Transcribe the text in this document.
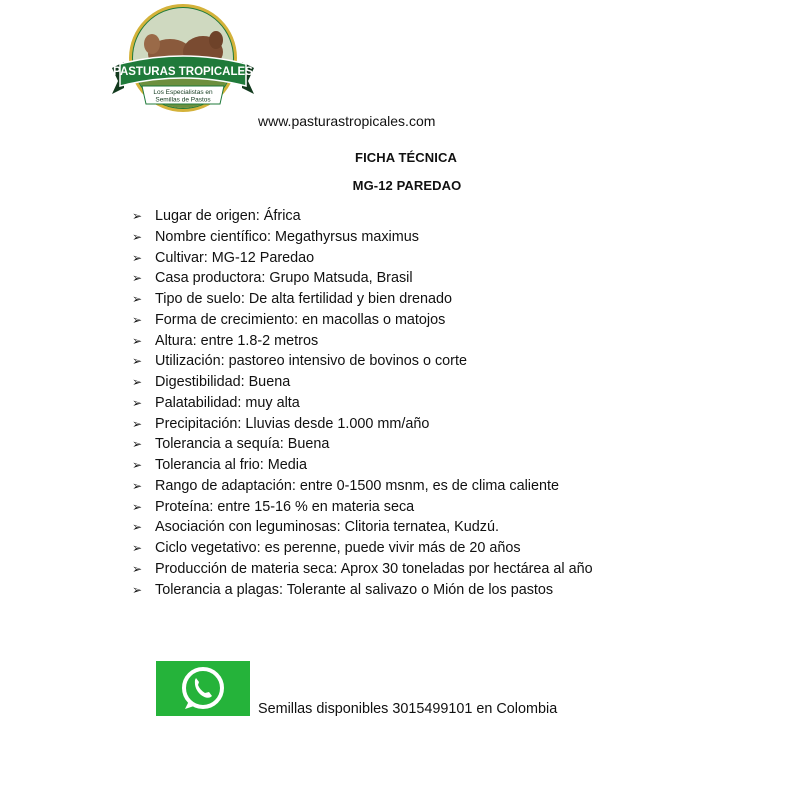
PASTURAS TROPICALES
Los Especialistas en
Semillas de Pastos
www.pasturastropicales.com
FICHA TÉCNICA
MG-12 PAREDAO
➢ Lugar de origen: África
➢ Nombre científico: Megathyrsus maximus
➢ Cultivar: MG-12 Paredao
➢ Casa productora: Grupo Matsuda, Brasil
➢ Tipo de suelo: De alta fertilidad y bien drenado
➢ Forma de crecimiento: en macollas o matojos
➢ Altura: entre 1.8-2 metros
➢ Utilización: pastoreo intensivo de bovinos o corte
➢ Digestibilidad: Buena
➢ Palatabilidad: muy alta
➢ Precipitación: Lluvias desde 1.000 mm/año
➢ Tolerancia a sequía: Buena
➢ Tolerancia al frio: Media
➢ Rango de adaptación: entre 0-1500 msnm, es de clima caliente
➢ Proteína: entre 15-16 % en materia seca
➢ Asociación con leguminosas: Clitoria ternatea, Kudzú.
➢ Ciclo vegetativo: es perenne, puede vivir más de 20 años
➢ Producción de materia seca: Aprox 30 toneladas por hectárea al año
➢ Tolerancia a plagas: Tolerante al salivazo o Mión de los pastos
Semillas disponibles 3015499101 en Colombia
